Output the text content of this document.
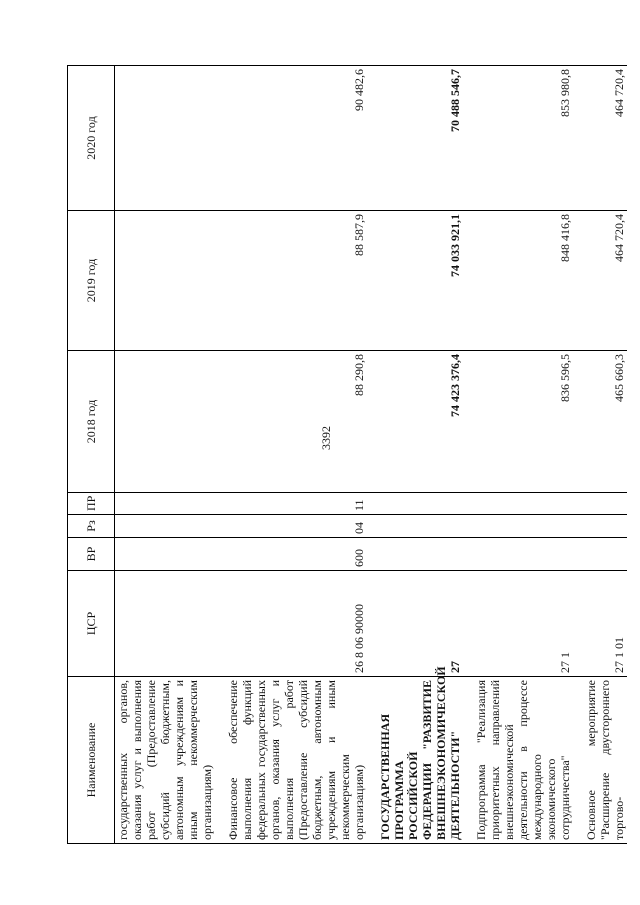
3392
Наименование	ЦСР	ВР	Рз	ПР	2018 год	2019 год	2020 год
государственных органов, оказания услуг и выполнения работ (Предоставление субсидий бюджетным, автономным учреждениям и иным некоммерческим организациям)							

Финансовое обеспечение выполнения функций федеральных государственных органов, оказания услуг и выполнения работ (Предоставление субсидий бюджетным, автономным учреждениям и иным некоммерческим организациям)	26 8 06 90000	600	04	11	88 290,8	88 587,9	90 482,6

ГОСУДАРСТВЕННАЯ ПРОГРАММА РОССИЙСКОЙ ФЕДЕРАЦИИ "РАЗВИТИЕ ВНЕШНЕЭКОНОМИЧЕСКОЙ ДЕЯТЕЛЬНОСТИ"	27				74 423 376,4	74 033 921,1	70 488 546,7

Подпрограмма "Реализация приоритетных направлений внешнеэкономической деятельности в процессе международного экономического сотрудничества"	27 1				836 596,5	848 416,8	853 980,8

Основное мероприятие "Расширение двустороннего торгово-	27 1 01				465 660,3	464 720,4	464 720,4
